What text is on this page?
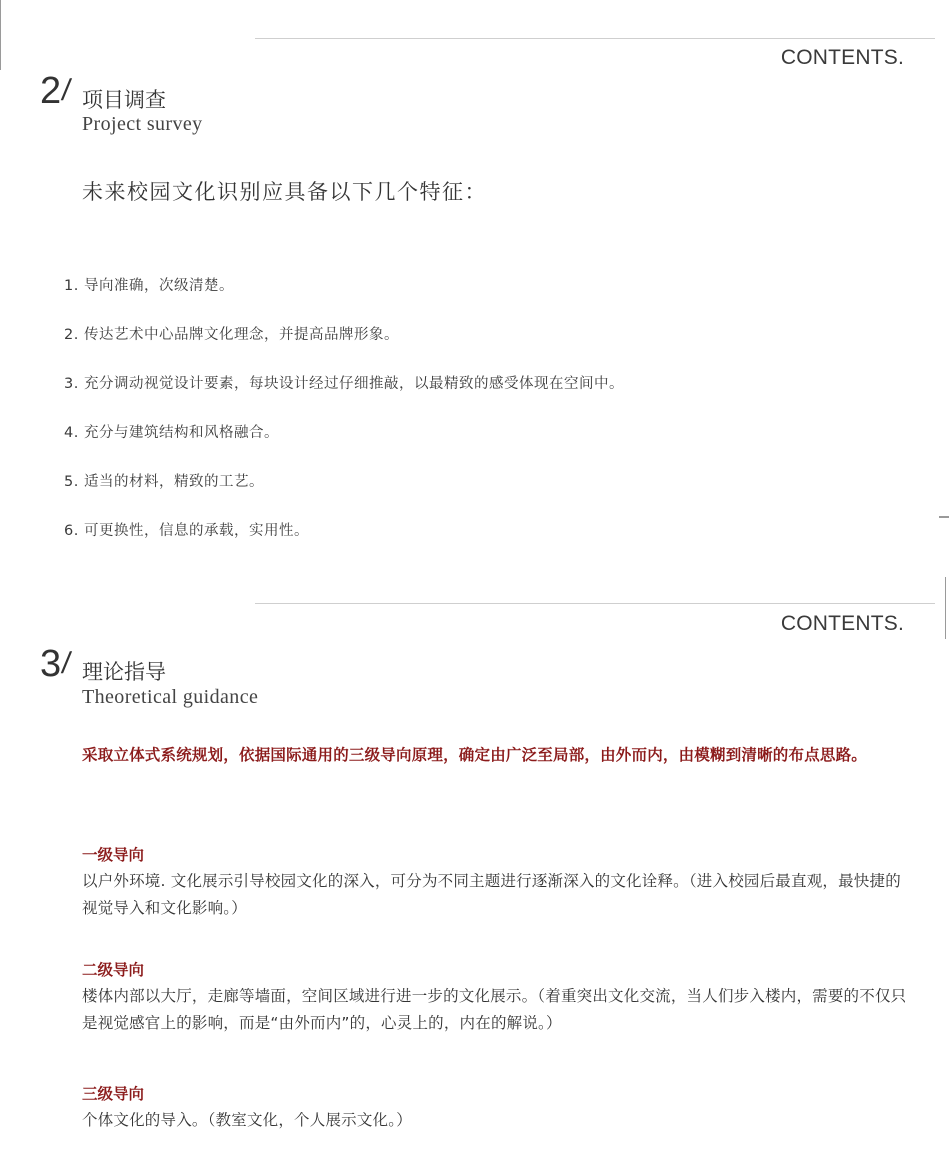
CONTENTS.
2
/ 项目调查
Project survey
未来校园文化识别应具备以下几个特征：
1. 导向准确，次级清楚。
2. 传达艺术中心品牌文化理念，并提高品牌形象。
3. 充分调动视觉设计要素，每块设计经过仔细推敲，以最精致的感受体现在空间中。
4. 充分与建筑结构和风格融合。
5. 适当的材料，精致的工艺。
6. 可更换性，信息的承载，实用性。
CONTENTS.
3
/ 理论指导
Theoretical guidance
采取立体式系统规划，依据国际通用的三级导向原理，确定由广泛至局部，由外而内，由模糊到清晰的布点思路。
一级导向
以户外环境. 文化展示引导校园文化的深入，可分为不同主题进行逐渐深入的文化诠释。（进入校园后最直观，最快捷的视觉导入和文化影响。）
二级导向
楼体内部以大厅，走廊等墙面，空间区域进行进一步的文化展示。（着重突出文化交流，当人们步入楼内，需要的不仅只是视觉感官上的影响，而是“由外而内”的，心灵上的，内在的解说。）
三级导向
个体文化的导入。（教室文化，个人展示文化。）
